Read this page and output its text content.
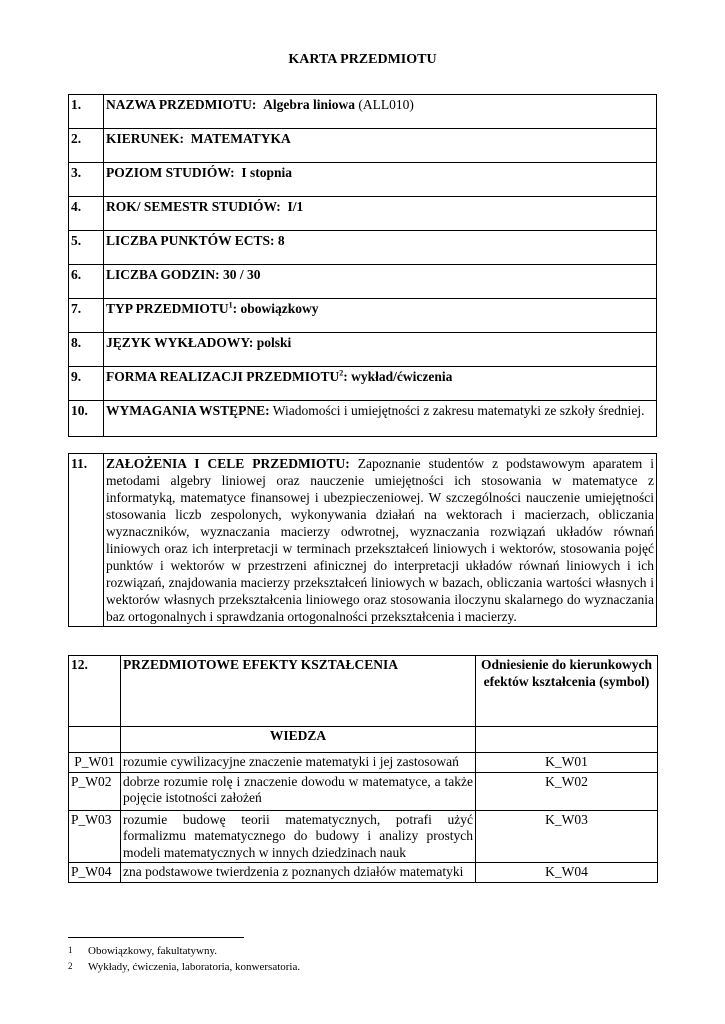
KARTA PRZEDMIOTU
1.	NAZWA PRZEDMIOTU: Algebra liniowa (ALL010)
2.	KIERUNEK: MATEMATYKA
3.	POZIOM STUDIÓW: I stopnia
4.	ROK/ SEMESTR STUDIÓW: I/1
5.	LICZBA PUNKTÓW ECTS: 8
6.	LICZBA GODZIN: 30 / 30
7.	TYP PRZEDMIOTU$^1$: obowiązkowy
8.	JĘZYK WYKŁADOWY: polski
9.	FORMA REALIZACJI PRZEDMIOTU$^2$: wykład/ćwiczenia
10.	WYMAGANIA WSTĘPNE: Wiadomości i umiejętności z zakresu matematyki ze szkoły średniej.
11.	ZAŁOŻENIA I CELE PRZEDMIOTU: Zapoznanie studentów z podstawowym aparatem i metodami algebry liniowej oraz nauczenie umiejętności ich stosowania w matematyce z informatyką, matematyce finansowej i ubezpieczeniowej. W szczególności nauczenie umiejętności stosowania liczb zespolonych, wykonywania działań na wektorach i macierzach, obliczania wyznaczników, wyznaczania macierzy odwrotnej, wyznaczania rozwiązań układów równań liniowych oraz ich interpretacji w terminach przekształceń liniowych i wektorów, stosowania pojęć punktów i wektorów w przestrzeni afinicznej do interpretacji układów równań liniowych i ich rozwiązań, znajdowania macierzy przekształceń liniowych w bazach, obliczania wartości własnych i wektorów własnych przekształcenia liniowego oraz stosowania iloczynu skalarnego do wyznaczania baz ortogonalnych i sprawdzania ortogonalności przekształcenia i macierzy.
12.	PRZEDMIOTOWE EFEKTY KSZTAŁCENIA	Odniesienie do kierunkowych efektów kształcenia (symbol)
	WIEDZA	
P_W01	rozumie cywilizacyjne znaczenie matematyki i jej zastosowań	K_W01
P_W02	dobrze rozumie rolę i znaczenie dowodu w matematyce, a także pojęcie istotności założeń	K_W02
P_W03	rozumie budowę teorii matematycznych, potrafi użyć formalizmu matematycznego do budowy i analizy prostych modeli matematycznych w innych dziedzinach nauk	K_W03
P_W04	zna podstawowe twierdzenia z poznanych działów matematyki	K_W04
1 Obowiązkowy, fakultatywny.
2 Wykłady, ćwiczenia, laboratoria, konwersatoria.
